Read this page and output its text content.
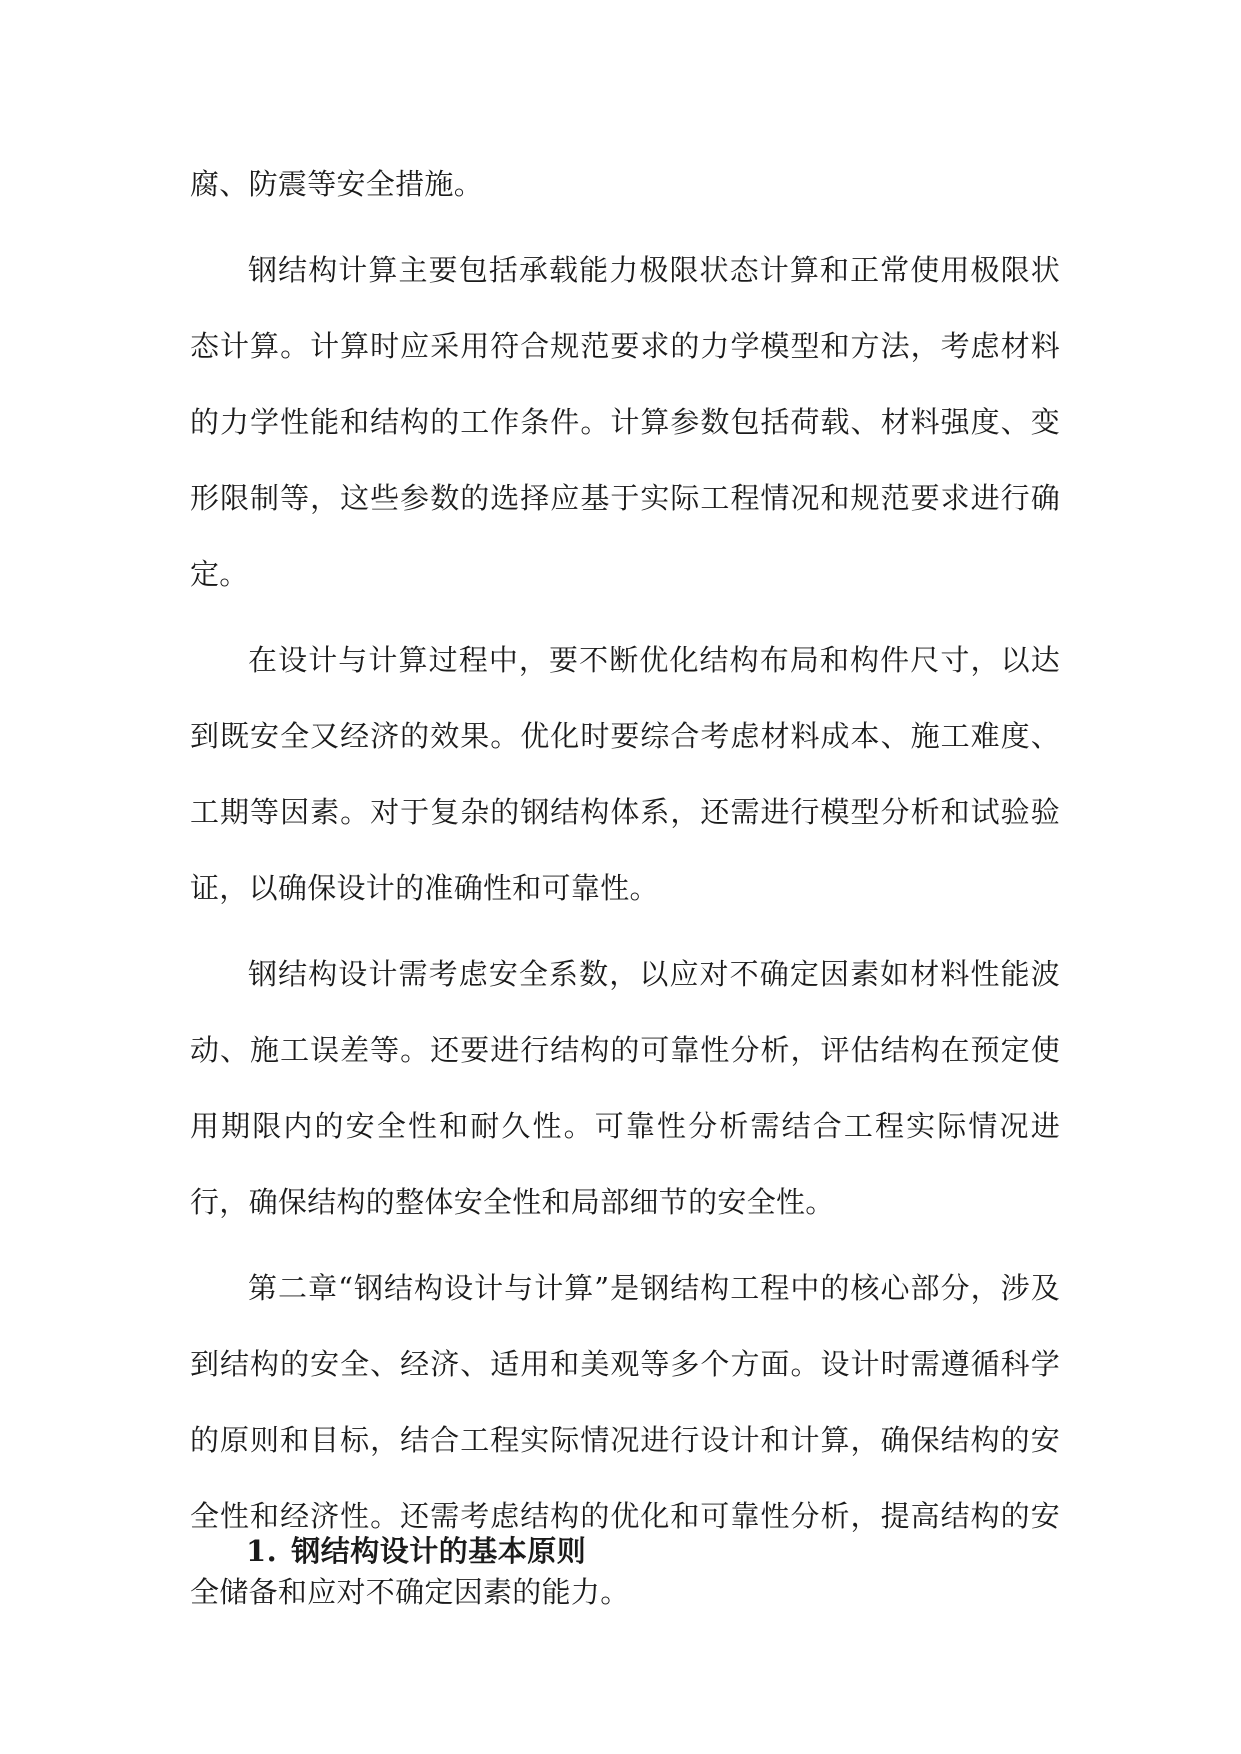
腐、防震等安全措施。

钢结构计算主要包括承载能力极限状态计算和正常使用极限状态计算。计算时应采用符合规范要求的力学模型和方法，考虑材料的力学性能和结构的工作条件。计算参数包括荷载、材料强度、变形限制等，这些参数的选择应基于实际工程情况和规范要求进行确定。

在设计与计算过程中，要不断优化结构布局和构件尺寸，以达到既安全又经济的效果。优化时要综合考虑材料成本、施工难度、工期等因素。对于复杂的钢结构体系，还需进行模型分析和试验验证，以确保设计的准确性和可靠性。

钢结构设计需考虑安全系数，以应对不确定因素如材料性能波动、施工误差等。还要进行结构的可靠性分析，评估结构在预定使用期限内的安全性和耐久性。可靠性分析需结合工程实际情况进行，确保结构的整体安全性和局部细节的安全性。

第二章“钢结构设计与计算”是钢结构工程中的核心部分，涉及到结构的安全、经济、适用和美观等多个方面。设计时需遵循科学的原则和目标，结合工程实际情况进行设计和计算，确保结构的安全性和经济性。还需考虑结构的优化和可靠性分析，提高结构的安全储备和应对不确定因素的能力。

1. 钢结构设计的基本原则
